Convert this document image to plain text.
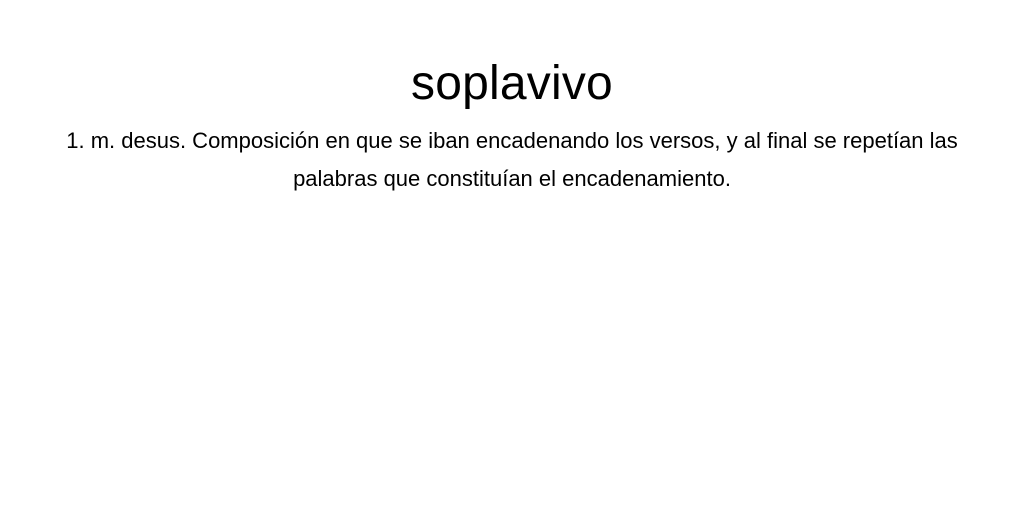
soplavivo

1. m. desus. Composición en que se iban encadenando los versos, y al final se repetían las palabras que constituían el encadenamiento.
